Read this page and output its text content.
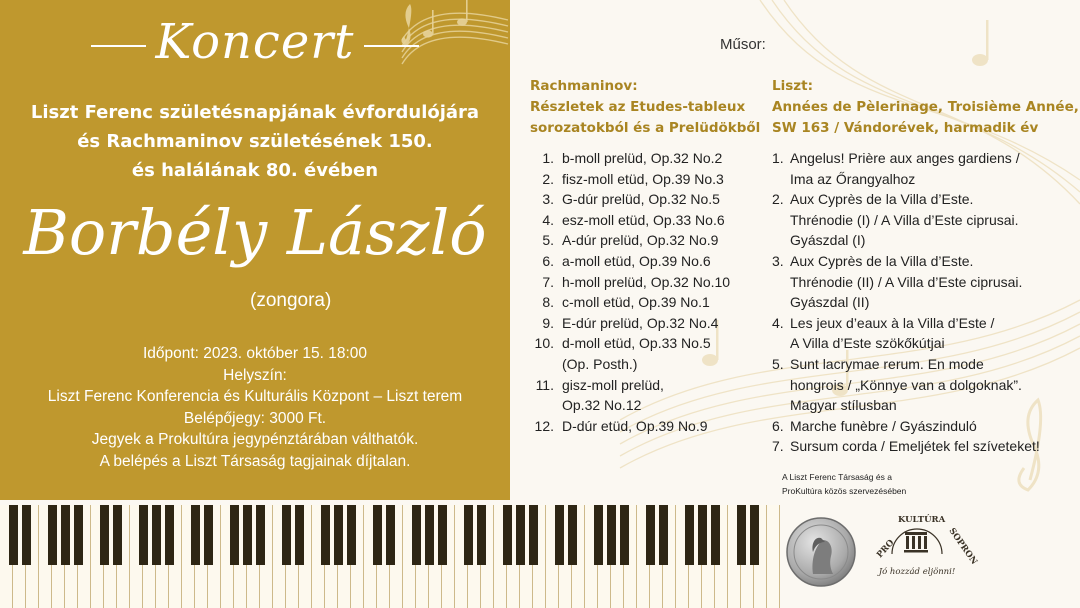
Koncert
Liszt Ferenc születésnapjának évfordulójára
és Rachmaninov születésének 150.
és halálának 80. évében
Borbély László
(zongora)
Időpont: 2023. október 15. 18:00
Helyszín:
Liszt Ferenc Konferencia és Kulturális Központ – Liszt terem
Belépőjegy: 3000 Ft.
Jegyek a Prokultúra jegypénztárában válthatók.
A belépés a Liszt Társaság tagjainak díjtalan.
Műsor:
Rachmaninov:
Részletek az Etudes-tableux
sorozatokból és a Prelüdökből
Liszt:
Années de Pèlerinage, Troisième Année,
SW 163 / Vándorévek, harmadik év
1. b-moll prelüd, Op.32 No.2
2. fisz-moll etüd, Op.39 No.3
3. G-dúr prelüd, Op.32 No.5
4. esz-moll etüd, Op.33 No.6
5. A-dúr prelüd, Op.32 No.9
6. a-moll etüd, Op.39 No.6
7. h-moll prelüd, Op.32 No.10
8. c-moll etüd, Op.39 No.1
9. E-dúr prelüd, Op.32 No.4
10. d-moll etüd, Op.33 No.5
(Op. Posth.)
11. gisz-moll prelüd,
Op.32 No.12
12. D-dúr etüd, Op.39 No.9
1. Angelus! Prière aux anges gardiens /
Ima az Őrangyalhoz
2. Aux Cyprès de la Villa d’Este.
Thrénodie (I) / A Villa d’Este ciprusai.
Gyászdal (I)
3. Aux Cyprès de la Villa d’Este.
Thrénodie (II) / A Villa d’Este ciprusai.
Gyászdal (II)
4. Les jeux d’eaux à la Villa d’Este /
A Villa d’Este szökőkútjai
5. Sunt lacrymae rerum. En mode
hongrois / „Könnye van a dolgoknak”.
Magyar stílusban
6. Marche funèbre / Gyászinduló
7. Sursum corda / Emeljétek fel szíveteket!
A Liszt Ferenc Társaság és a
ProKultúra közös szervezésében
PRO
KULTÚRA
SOPRON
Jó hozzád eljönni!
